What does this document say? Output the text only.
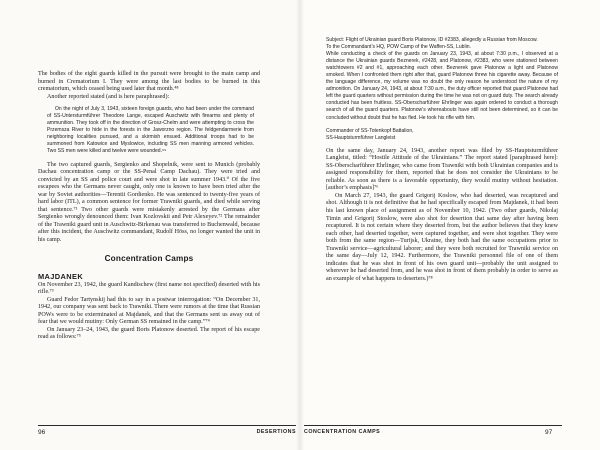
The bodies of the eight guards killed in the pursuit were brought to the main camp and burned in Crematorium I. They were among the last bodies to be burned in this crematorium, which ceased being used later that month.⁴⁸

Another reported stated (and is here paraphrased):

On the night of July 3, 1943, sixteen foreign guards, who had been under the command of SS-Untersturmführer Theodore Lange, escaped Auschwitz with firearms and plenty of ammunition. They took off in the direction of Grosz-Chelm and were attempting to cross the Przemsza River to hide in the forests in the Jaworzno region. The feldgendarmerie from neighboring localities pursued, and a skirmish ensued. Additional troops had to be summoned from Katowice and Myslowice, including SS men manning armored vehicles. Two SS men were killed and twelve were wounded.⁶⁹

The two captured guards, Sergienko and Shopelnik, were sent to Munich (probably Dachau concentration camp or the SS-Penal Camp Dachau). They were tried and convicted by an SS and police court and were shot in late summer 1943.⁰ Of the five escapees who the Germans never caught, only one is known to have been tried after the war by Soviet authorities—Terentii Gordienko. He was sentenced to twenty-five years of hard labor (ITL), a common sentence for former Trawniki guards, and died while serving that sentence.⁷¹ Two other guards were mistakenly arrested by the Germans after Sergienko wrongly denounced them: Ivan Kozlovskii and Petr Alexeyev.⁷² The remainder of the Trawniki guard unit in Auschwitz-Birkenau was transferred to Buchenwald, because after this incident, the Auschwitz commandant, Rudolf Höss, no longer wanted the unit in his camp.

Concentration Camps
MAJDANEK

On November 23, 1942, the guard Kandischew (first name not specified) deserted with his rifle.⁷³

Guard Fedor Tartynskij had this to say in a postwar interrogation: “On December 31, 1942, our company was sent back to Trawniki. There were rumors at the time that Russian POWs were to be exterminated at Majdanek, and that the Germans sent us away out of fear that we would mutiny: Only German SS remained in the camp.”⁷⁴

On January 23–24, 1943, the guard Boris Platonow deserted. The report of his escape read as follows:⁷⁵

96	DESERTIONS

Subject: Flight of Ukrainian guard Boris Platonow, ID #2383, allegedly a Russian from Moscow.

To the Commandant’s HQ, POW Camp of the Waffen-SS, Lublin.

While conducting a check of the guards on January 23, 1943, at about 7:30 p.m., I observed at a distance the Ukrainian guards Beznerek, #2428, and Platonow, #2383, who were stationed between watchtowers #2 and #1, approaching each other. Beznerek gave Platonow a light and Platonow smoked. When I confronted them right after that, guard Platonow threw his cigarette away. Because of the language difference, my volume was no doubt the only reason he understood the nature of my admonition. On January 24, 1943, at about 7:30 a.m., the duty officer reported that guard Platonow had left the guard quarters without permission during the time he was not on guard duty. The search already conducted has been fruitless. SS-Oberscharführer Ehrlinger was again ordered to conduct a thorough search of all the guard quarters. Platonow’s whereabouts have still not been determined, so it can be concluded without doubt that he has fled. He took his rifle with him.

Commander of SS-Totenkopf Battalion,

SS-Hauptsturmführer Langleist

On the same day, January 24, 1943, another report was filed by SS-Hauptsturmführer Langleist, titled: “Hostile Attitude of the Ukrainians.” The report stated [paraphrased here]: SS-Oberscharführer Ehrlinger, who came from Trawniki with both Ukrainian companies and is assigned responsibility for them, reported that he does not consider the Ukrainians to be reliable. As soon as there is a favorable opportunity, they would mutiny without hesitation. [author’s emphasis]⁷⁶

On March 27, 1943, the guard Grigorij Koslow, who had deserted, was recaptured and shot. Although it is not definitive that he had specifically escaped from Majdanek, it had been his last known place of assignment as of November 10, 1942. (Two other guards, Nikolaj Timin and Grigorij Stoslow, were also shot for desertion that same day after having been recaptured. It is not certain where they deserted from, but the author believes that they knew each other, had deserted together, were captured together, and were shot together. They were both from the same region—Turijsk, Ukraine, they both had the same occupations prior to Trawniki service—agricultural laborer; and they were both recruited for Trawniki service on the same day—July 12, 1942. Furthermore, the Trawniki personnel file of one of them indicates that he was shot in front of his own guard unit—probably the unit assigned to wherever he had deserted from, and he was shot in front of them probably in order to serve as an example of what happens to deserters.)⁷⁸

CONCENTRATION CAMPS	97
